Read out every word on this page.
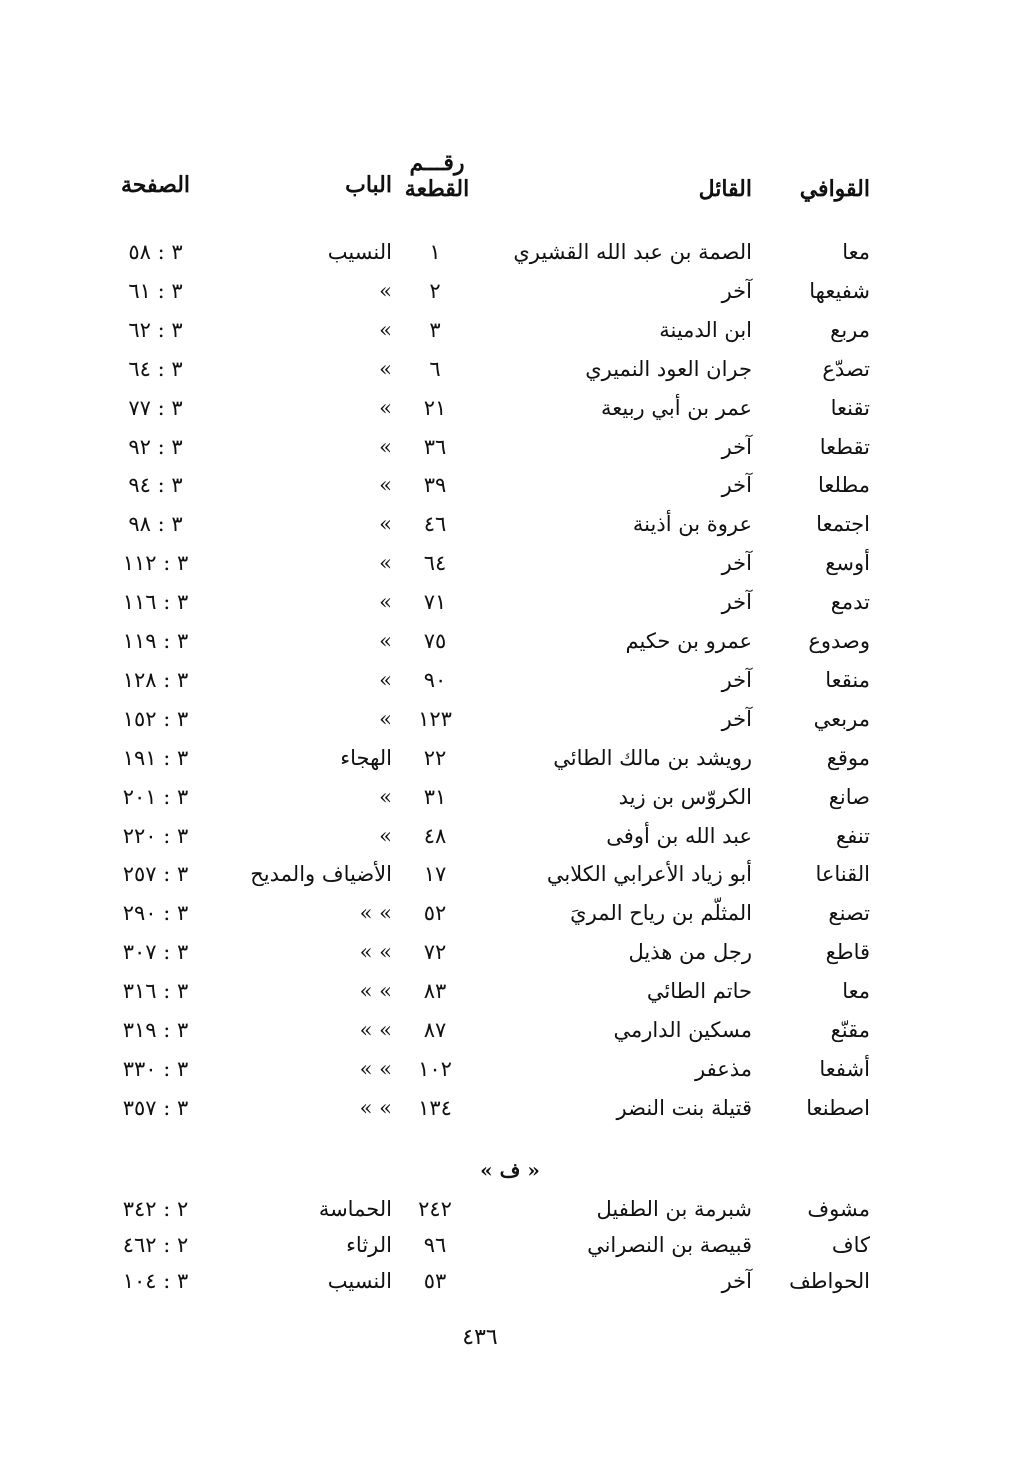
القوافي
القائل
رقـــم
القطعة
الباب
الصفحة
معا
الصمة بن عبد الله القشيري
١
النسيب
٣ : ٥٨
شفيعها
آخر
٢
»
٣ : ٦١
مربع
ابن الدمينة
٣
»
٣ : ٦٢
تصدّع
جران العود النميري
٦
»
٣ : ٦٤
تقنعا
عمر بن أبي ربيعة
٢١
»
٣ : ٧٧
تقطعا
آخر
٣٦
»
٣ : ٩٢
مطلعا
آخر
٣٩
»
٣ : ٩٤
اجتمعا
عروة بن أذينة
٤٦
»
٣ : ٩٨
أوسع
آخر
٦٤
»
٣ : ١١٢
تدمع
آخر
٧١
»
٣ : ١١٦
وصدوع
عمرو بن حكيم
٧٥
»
٣ : ١١٩
منقعا
آخر
٩٠
»
٣ : ١٢٨
مربعي
آخر
١٢٣
»
٣ : ١٥٢
موقع
رويشد بن مالك الطائي
٢٢
الهجاء
٣ : ١٩١
صانع
الكروّس بن زيد
٣١
»
٣ : ٢٠١
تنفع
عبد الله بن أوفى
٤٨
»
٣ : ٢٢٠
القناعا
أبو زياد الأعرابي الكلابي
١٧
الأضياف والمديح
٣ : ٢٥٧
تصنع
المثلّم بن رياح المريَ
٥٢
» »
٣ : ٢٩٠
قاطع
رجل من هذيل
٧٢
» »
٣ : ٣٠٧
معا
حاتم الطائي
٨٣
» »
٣ : ٣١٦
مقنّع
مسكين الدارمي
٨٧
» »
٣ : ٣١٩
أشفعا
مذعفر
١٠٢
» »
٣ : ٣٣٠
اصطنعا
قتيلة بنت النضر
١٣٤
» »
٣ : ٣٥٧
« ف »
مشوف
شبرمة بن الطفيل
٢٤٢
الحماسة
٢ : ٣٤٢
كاف
قبيصة بن النصراني
٩٦
الرثاء
٢ : ٤٦٢
الحواطف
آخر
٥٣
النسيب
٣ : ١٠٤
٤٣٦
